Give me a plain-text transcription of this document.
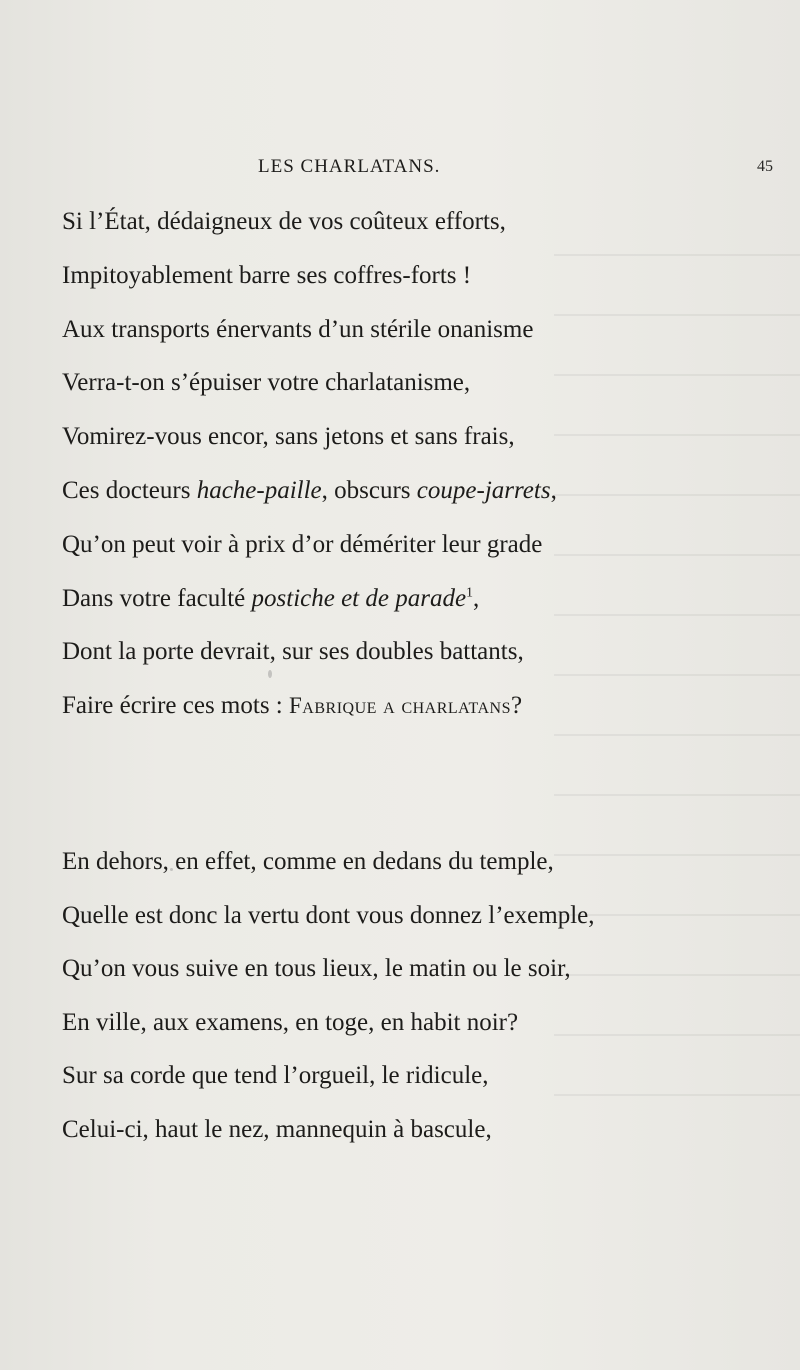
LES CHARLATANS.	45
Si l’État, dédaigneux de vos coûteux efforts,
Impitoyablement barre ses coffres-forts !
Aux transports énervants d’un stérile onanisme
Verra-t-on s’épuiser votre charlatanisme,
Vomirez-vous encor, sans jetons et sans frais,
Ces docteurs hache-paille, obscurs coupe-jarrets,
Qu’on peut voir à prix d’or démériter leur grade
Dans votre faculté postiche et de parade$^1$,
Dont la porte devrait, sur ses doubles battants,
Faire écrire ces mots : Fabrique a charlatans?
En dehors, en effet, comme en dedans du temple,
Quelle est donc la vertu dont vous donnez l’exemple,
Qu’on vous suive en tous lieux, le matin ou le soir,
En ville, aux examens, en toge, en habit noir?
Sur sa corde que tend l’orgueil, le ridicule,
Celui-ci, haut le nez, mannequin à bascule,
